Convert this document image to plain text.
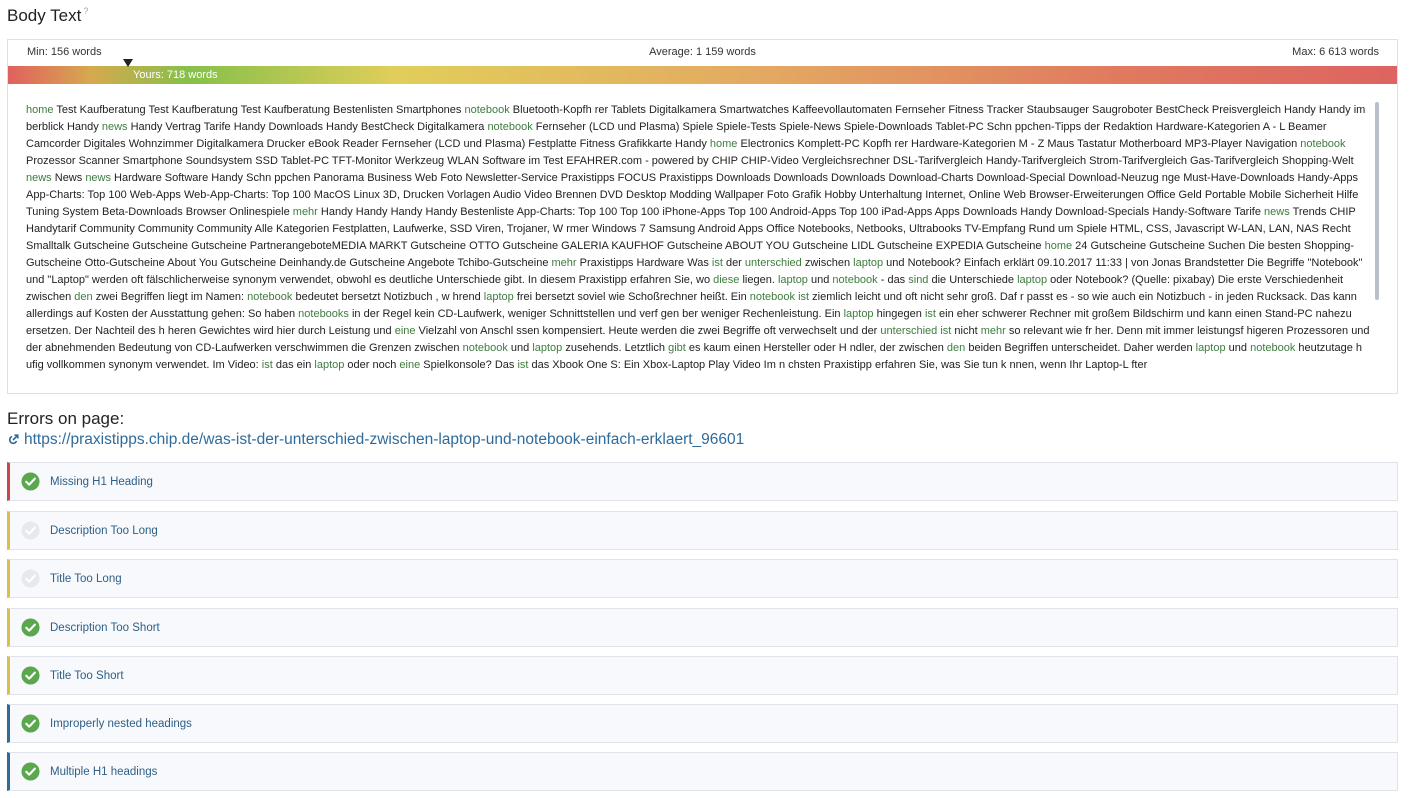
Body Text ?
Min: 156 words	Average: 1 159 words	Max: 6 613 words
Yours: 718 words
home Test Kaufberatung Test Kaufberatung Test Kaufberatung Bestenlisten Smartphones notebook Bluetooth-Kopfh rer Tablets Digitalkamera Smartwatches Kaffeevollautomaten Fernseher Fitness Tracker Staubsauger Saugroboter BestCheck Preisvergleich Handy Handy im berblick Handy news Handy Vertrag Tarife Handy Downloads Handy BestCheck Digitalkamera notebook Fernseher (LCD und Plasma) Spiele Spiele-Tests Spiele-News Spiele-Downloads Tablet-PC Schn ppchen-Tipps der Redaktion Hardware-Kategorien A - L Beamer Camcorder Digitales Wohnzimmer Digitalkamera Drucker eBook Reader Fernseher (LCD und Plasma) Festplatte Fitness Grafikkarte Handy home Electronics Komplett-PC Kopfh rer Hardware-Kategorien M - Z Maus Tastatur Motherboard MP3-Player Navigation notebook Prozessor Scanner Smartphone Soundsystem SSD Tablet-PC TFT-Monitor Werkzeug WLAN Software im Test EFAHRER.com - powered by CHIP CHIP-Video Vergleichsrechner DSL-Tarifvergleich Handy-Tarifvergleich Strom-Tarifvergleich Gas-Tarifvergleich Shopping-Welt news News news Hardware Software Handy Schn ppchen Panorama Business Web Foto Newsletter-Service Praxistipps FOCUS Praxistipps Downloads Downloads Downloads Download-Charts Download-Special Download-Neuzug nge Must-Have-Downloads Handy-Apps App-Charts: Top 100 Web-Apps Web-App-Charts: Top 100 MacOS Linux 3D, Drucken Vorlagen Audio Video Brennen DVD Desktop Modding Wallpaper Foto Grafik Hobby Unterhaltung Internet, Online Web Browser-Erweiterungen Office Geld Portable Mobile Sicherheit Hilfe Tuning System Beta-Downloads Browser Onlinespiele mehr Handy Handy Handy Handy Bestenliste App-Charts: Top 100 Top 100 iPhone-Apps Top 100 Android-Apps Top 100 iPad-Apps Apps Downloads Handy Download-Specials Handy-Software Tarife news Trends CHIP Handytarif Community Community Community Alle Kategorien Festplatten, Laufwerke, SSD Viren, Trojaner, W rmer Windows 7 Samsung Android Apps Office Notebooks, Netbooks, Ultrabooks TV-Empfang Rund um Spiele HTML, CSS, Javascript W-LAN, LAN, NAS Recht Smalltalk Gutscheine Gutscheine Gutscheine PartnerangeboteMEDIA MARKT Gutscheine OTTO Gutscheine GALERIA KAUFHOF Gutscheine ABOUT YOU Gutscheine LIDL Gutscheine EXPEDIA Gutscheine home 24 Gutscheine Gutscheine Suchen Die besten Shopping-Gutscheine Otto-Gutscheine About You Gutscheine Deinhandy.de Gutscheine Angebote Tchibo-Gutscheine mehr Praxistipps Hardware Was ist der unterschied zwischen laptop und Notebook? Einfach erklärt 09.10.2017 11:33 | von Jonas Brandstetter Die Begriffe "Notebook" und "Laptop" werden oft fälschlicherweise synonym verwendet, obwohl es deutliche Unterschiede gibt. In diesem Praxistipp erfahren Sie, wo diese liegen. laptop und notebook - das sind die Unterschiede laptop oder Notebook? (Quelle: pixabay) Die erste Verschiedenheit zwischen den zwei Begriffen liegt im Namen: notebook bedeutet bersetzt Notizbuch , w hrend laptop frei bersetzt soviel wie Schoßrechner heißt. Ein notebook ist ziemlich leicht und oft nicht sehr groß. Daf r passt es - so wie auch ein Notizbuch - in jeden Rucksack. Das kann allerdings auf Kosten der Ausstattung gehen: So haben notebooks in der Regel kein CD-Laufwerk, weniger Schnittstellen und verf gen ber weniger Rechenleistung. Ein laptop hingegen ist ein eher schwerer Rechner mit großem Bildschirm und kann einen Stand-PC nahezu ersetzen. Der Nachteil des h heren Gewichtes wird hier durch Leistung und eine Vielzahl von Anschl ssen kompensiert. Heute werden die zwei Begriffe oft verwechselt und der unterschied ist nicht mehr so relevant wie fr her. Denn mit immer leistungsf higeren Prozessoren und der abnehmenden Bedeutung von CD-Laufwerken verschwimmen die Grenzen zwischen notebook und laptop zusehends. Letztlich gibt es kaum einen Hersteller oder H ndler, der zwischen den beiden Begriffen unterscheidet. Daher werden laptop und notebook heutzutage h ufig vollkommen synonym verwendet. Im Video: ist das ein laptop oder noch eine Spielkonsole? Das ist das Xbook One S: Ein Xbox-Laptop Play Video Im n chsten Praxistipp erfahren Sie, was Sie tun k nnen, wenn Ihr Laptop-L fter
Errors on page:
https://praxistipps.chip.de/was-ist-der-unterschied-zwischen-laptop-und-notebook-einfach-erklaert_96601
Missing H1 Heading
Description Too Long
Title Too Long
Description Too Short
Title Too Short
Improperly nested headings
Multiple H1 headings
